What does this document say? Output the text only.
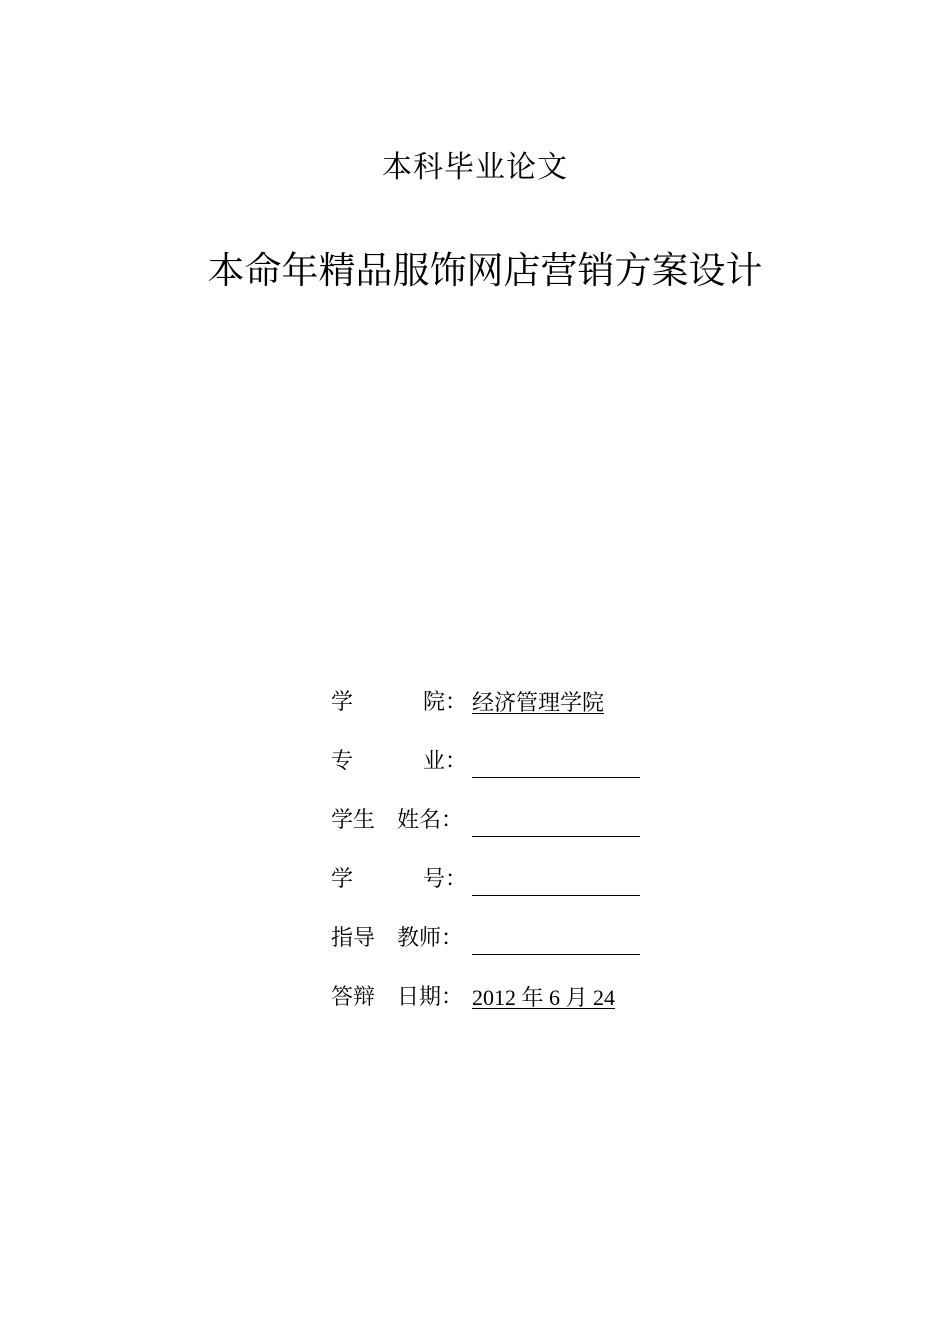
本科毕业论文
本命年精品服饰网店营销方案设计
学	院： 经济管理学院
专	业：
学生 姓名：
学	号：
指导 教师：
答辩 日期： 2012 年 6 月 24
